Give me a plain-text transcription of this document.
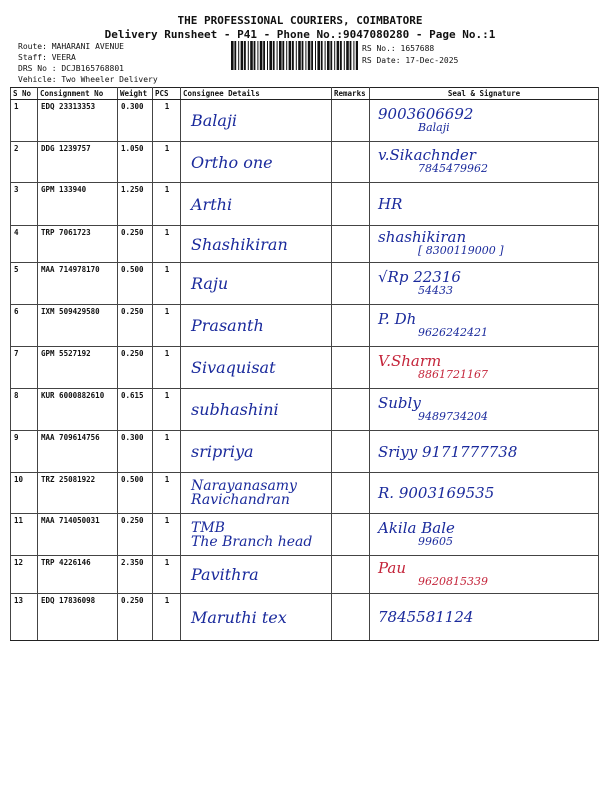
THE PROFESSIONAL COURIERS, COIMBATORE
Delivery Runsheet - P41 - Phone No.:9047080280 - Page No.:1
Route: MAHARANI AVENUE
Staff: VEERA
DRS No : DCJB165768801
Vehicle: Two Wheeler Delivery
RS No.: 1657688
RS Date: 17-Dec-2025
S No	Consignment No	Weight	PCS	Consignee Details	Remarks	Seal & Signature
1	EDQ 23313353	0.300	1	Balaji		9003606692
Balaji

2	DDG 1239757	1.050	1	Ortho one		v.Sikachnder
7845479962

3	GPM 133940	1.250	1	Arthi		HR

4	TRP 7061723	0.250	1	Shashikiran		shashikiran
[ 8300119000 ]

5	MAA 714978170	0.500	1	Raju		√Rp 22316
54433

6	IXM 509429580	0.250	1	Prasanth		P. Dh
9626242421

7	GPM 5527192	0.250	1	Sivaquisat		V.Sharm
8861721167

8	KUR 6000882610	0.615	1	subhashini		Subly
9489734204

9	MAA 709614756	0.300	1	sripriya		Sriyy 9171777738

10	TRZ 25081922	0.500	1	Narayanasamy
Ravichandran		R. 9003169535

11	MAA 714050031	0.250	1	TMB
The Branch head		Akila Bale
99605

12	TRP 4226146	2.350	1	Pavithra		Pau
9620815339

13	EDQ 17836098	0.250	1	Maruthi tex		7845581124
